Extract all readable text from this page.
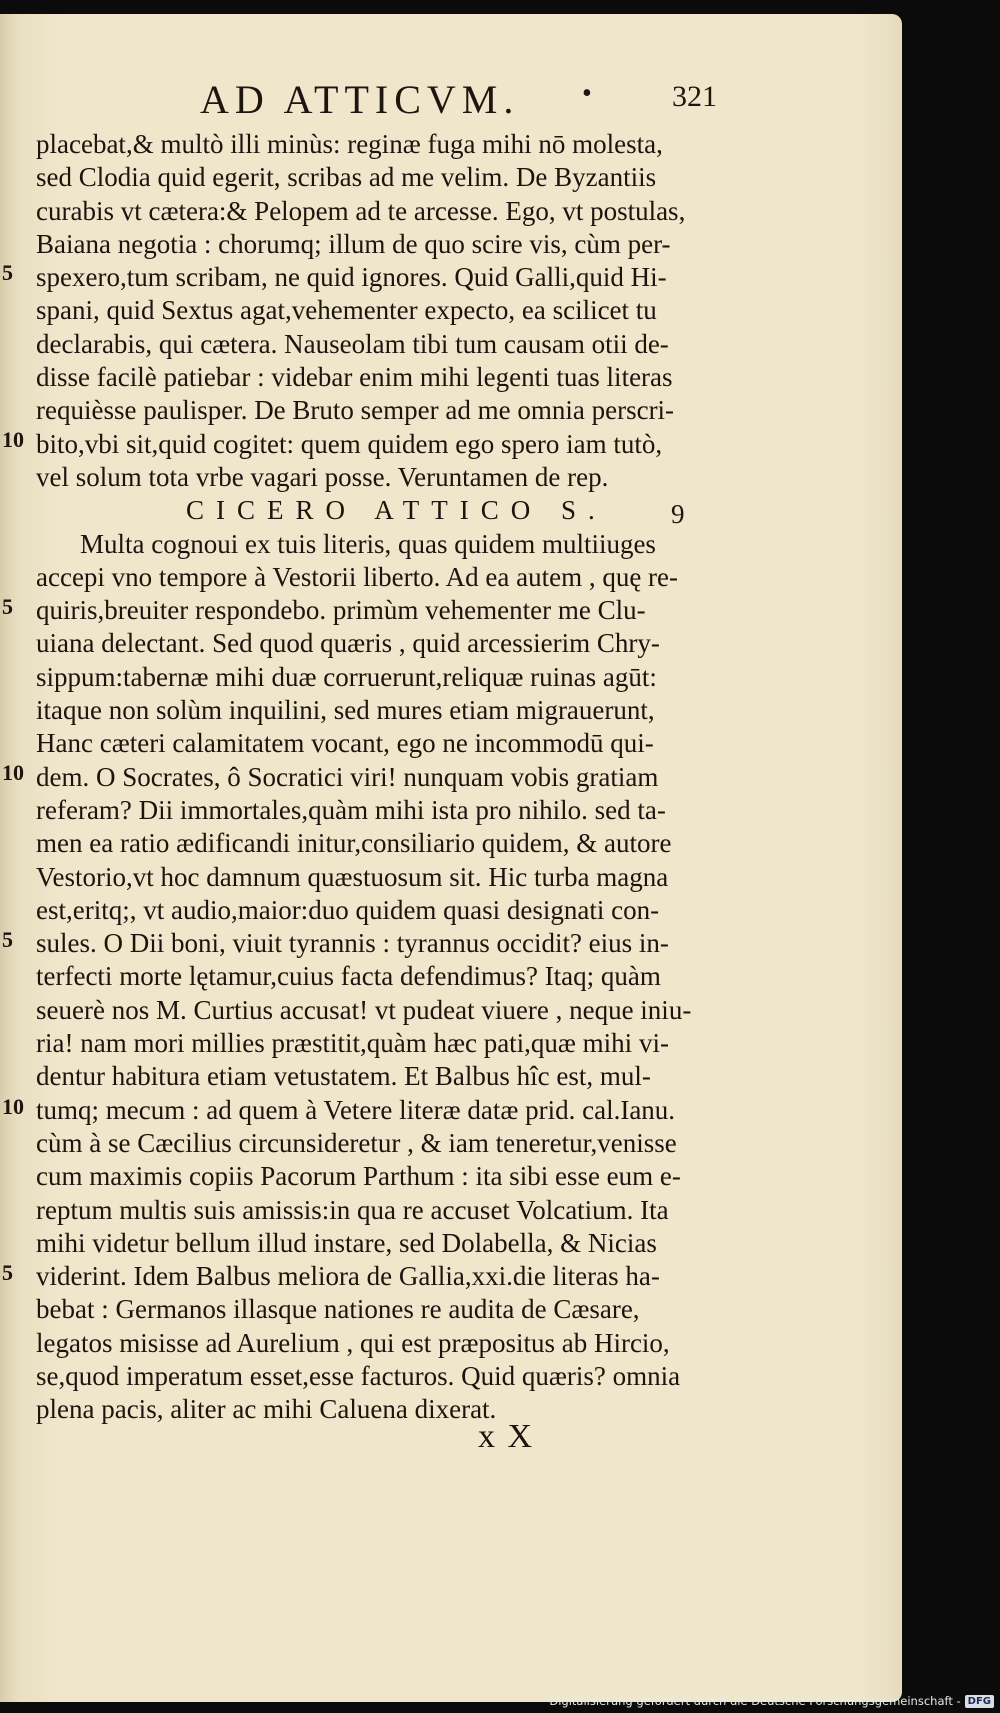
AD ATTICVM. •	321
5
10
5
10
5
10
5
placebat,& multò illi minùs: reginæ fuga mihi nō molesta,
sed Clodia quid egerit, scribas ad me velim. De Byzantiis
curabis vt cætera:& Pelopem ad te arcesse. Ego, vt postulas,
Baiana negotia : chorumq; illum de quo scire vis, cùm per-
spexero,tum scribam, ne quid ignores. Quid Galli,quid Hi-
spani, quid Sextus agat,vehementer expecto, ea scilicet tu
declarabis, qui cætera. Nauseolam tibi tum causam otii de-
disse facilè patiebar : videbar enim mihi legenti tuas literas
requièsse paulisper. De Bruto semper ad me omnia perscri-
bito,vbi sit,quid cogitet: quem quidem ego spero iam tutò,
vel solum tota vrbe vagari posse. Veruntamen de rep.
CICERO ATTICO S. 9
Multa cognoui ex tuis literis, quas quidem multiiuges
accepi vno tempore à Vestorii liberto. Ad ea autem , quę re-
quiris,breuiter respondebo. primùm vehementer me Clu-
uiana delectant. Sed quod quæris , quid arcessierim Chry-
sippum:tabernæ mihi duæ corruerunt,reliquæ ruinas agūt:
itaque non solùm inquilini, sed mures etiam migrauerunt,
Hanc cæteri calamitatem vocant, ego ne incommodū qui-
dem. O Socrates, ô Socratici viri! nunquam vobis gratiam
referam? Dii immortales,quàm mihi ista pro nihilo. sed ta-
men ea ratio ædificandi initur,consiliario quidem, & autore
Vestorio,vt hoc damnum quæstuosum sit. Hic turba magna
est,eritq;, vt audio,maior:duo quidem quasi designati con-
sules. O Dii boni, viuit tyrannis : tyrannus occidit? eius in-
terfecti morte lętamur,cuius facta defendimus? Itaq; quàm
seuerè nos M. Curtius accusat! vt pudeat viuere , neque iniu-
ria! nam mori millies præstitit,quàm hæc pati,quæ mihi vi-
dentur habitura etiam vetustatem. Et Balbus hîc est, mul-
tumq; mecum : ad quem à Vetere literæ datæ prid. cal.Ianu.
cùm à se Cæcilius circunsideretur , & iam teneretur,venisse
cum maximis copiis Pacorum Parthum : ita sibi esse eum e-
reptum multis suis amissis:in qua re accuset Volcatium. Ita
mihi videtur bellum illud instare, sed Dolabella, & Nicias
viderint. Idem Balbus meliora de Gallia,xxi.die literas ha-
bebat : Germanos illasque nationes re audita de Cæsare,
legatos misisse ad Aurelium , qui est præpositus ab Hircio,
se,quod imperatum esset,esse facturos. Quid quæris? omnia
plena pacis, aliter ac mihi Caluena dixerat.
x X
Digitalisierung gefördert durch die Deutsche Forschungsgemeinschaft - DFG
